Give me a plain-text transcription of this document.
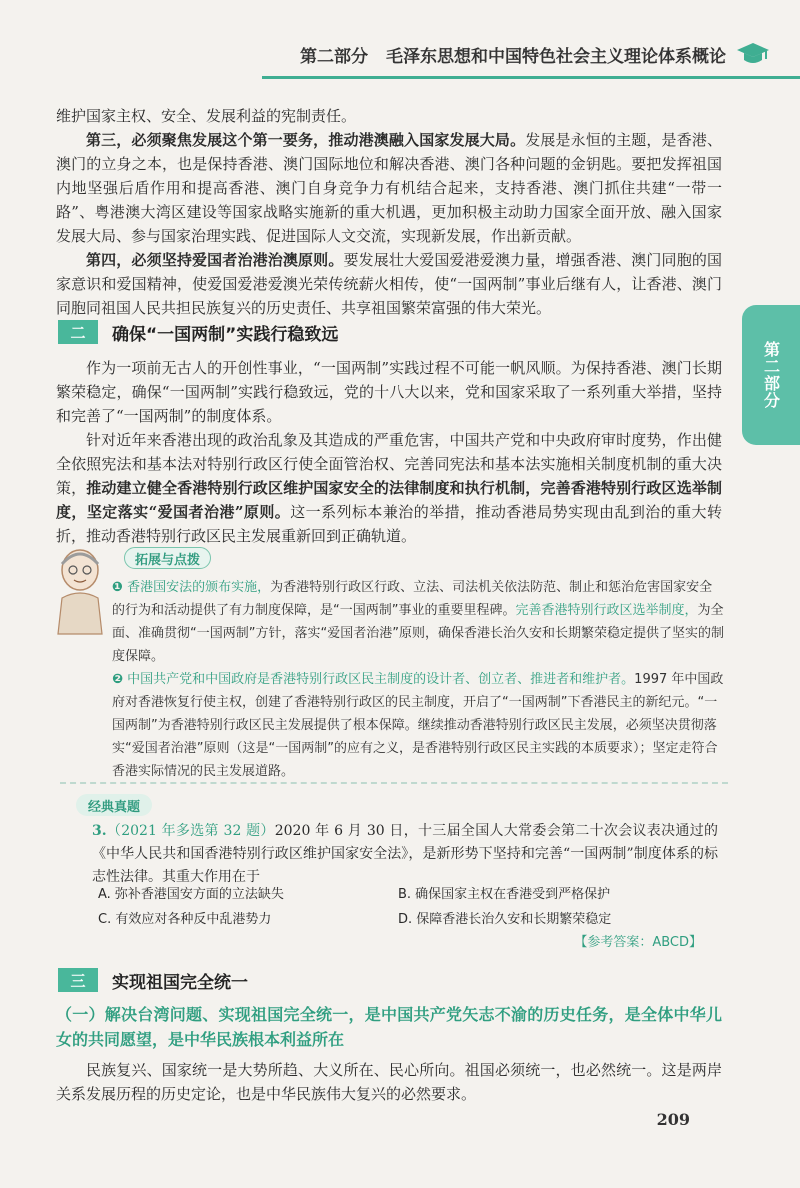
第二部分 毛泽东思想和中国特色社会主义理论体系概论
第二部分

维护国家主权、安全、发展利益的宪制责任。

第三，必须聚焦发展这个第一要务，推动港澳融入国家发展大局。发展是永恒的主题，是香港、澳门的立身之本，也是保持香港、澳门国际地位和解决香港、澳门各种问题的金钥匙。要把发挥祖国内地坚强后盾作用和提高香港、澳门自身竞争力有机结合起来，支持香港、澳门抓住共建“一带一路”、粤港澳大湾区建设等国家战略实施新的重大机遇，更加积极主动助力国家全面开放、融入国家发展大局、参与国家治理实践、促进国际人文交流，实现新发展，作出新贡献。

第四，必须坚持爱国者治港治澳原则。要发展壮大爱国爱港爱澳力量，增强香港、澳门同胞的国家意识和爱国精神，使爱国爱港爱澳光荣传统薪火相传，使“一国两制”事业后继有人，让香港、澳门同胞同祖国人民共担民族复兴的历史责任、共享祖国繁荣富强的伟大荣光。

二	确保“一国两制”实践行稳致远

作为一项前无古人的开创性事业，“一国两制”实践过程不可能一帆风顺。为保持香港、澳门长期繁荣稳定，确保“一国两制”实践行稳致远，党的十八大以来，党和国家采取了一系列重大举措，坚持和完善了“一国两制”的制度体系。

针对近年来香港出现的政治乱象及其造成的严重危害，中国共产党和中央政府审时度势，作出健全依照宪法和基本法对特别行政区行使全面管治权、完善同宪法和基本法实施相关制度机制的重大决策，推动建立健全香港特别行政区维护国家安全的法律制度和执行机制，完善香港特别行政区选举制度，坚定落实“爱国者治港”原则。这一系列标本兼治的举措，推动香港局势实现由乱到治的重大转折，推动香港特别行政区民主发展重新回到正确轨道。

拓展与点拨

❶ 香港国安法的颁布实施，为香港特别行政区行政、立法、司法机关依法防范、制止和惩治危害国家安全的行为和活动提供了有力制度保障，是“一国两制”事业的重要里程碑。完善香港特别行政区选举制度，为全面、准确贯彻“一国两制”方针，落实“爱国者治港”原则，确保香港长治久安和长期繁荣稳定提供了坚实的制度保障。

❷ 中国共产党和中国政府是香港特别行政区民主制度的设计者、创立者、推进者和维护者。1997 年中国政府对香港恢复行使主权，创建了香港特别行政区的民主制度，开启了“一国两制”下香港民主的新纪元。“一国两制”为香港特别行政区民主发展提供了根本保障。继续推动香港特别行政区民主发展，必须坚决贯彻落实“爱国者治港”原则（这是“一国两制”的应有之义，是香港特别行政区民主实践的本质要求）；坚定走符合香港实际情况的民主发展道路。

经典真题
3.（2021 年多选第 32 题）2020 年 6 月 30 日，十三届全国人大常委会第二十次会议表决通过的《中华人民共和国香港特别行政区维护国家安全法》，是新形势下坚持和完善“一国两制”制度体系的标志性法律。其重大作用在于
A. 弥补香港国安方面的立法缺失	B. 确保国家主权在香港受到严格保护
C. 有效应对各种反中乱港势力	D. 保障香港长治久安和长期繁荣稳定
【参考答案：ABCD】
三	实现祖国完全统一
（一）解决台湾问题、实现祖国完全统一，是中国共产党矢志不渝的历史任务，是全体中华儿女的共同愿望，是中华民族根本利益所在

民族复兴、国家统一是大势所趋、大义所在、民心所向。祖国必须统一，也必然统一。这是两岸关系发展历程的历史定论，也是中华民族伟大复兴的必然要求。

209
